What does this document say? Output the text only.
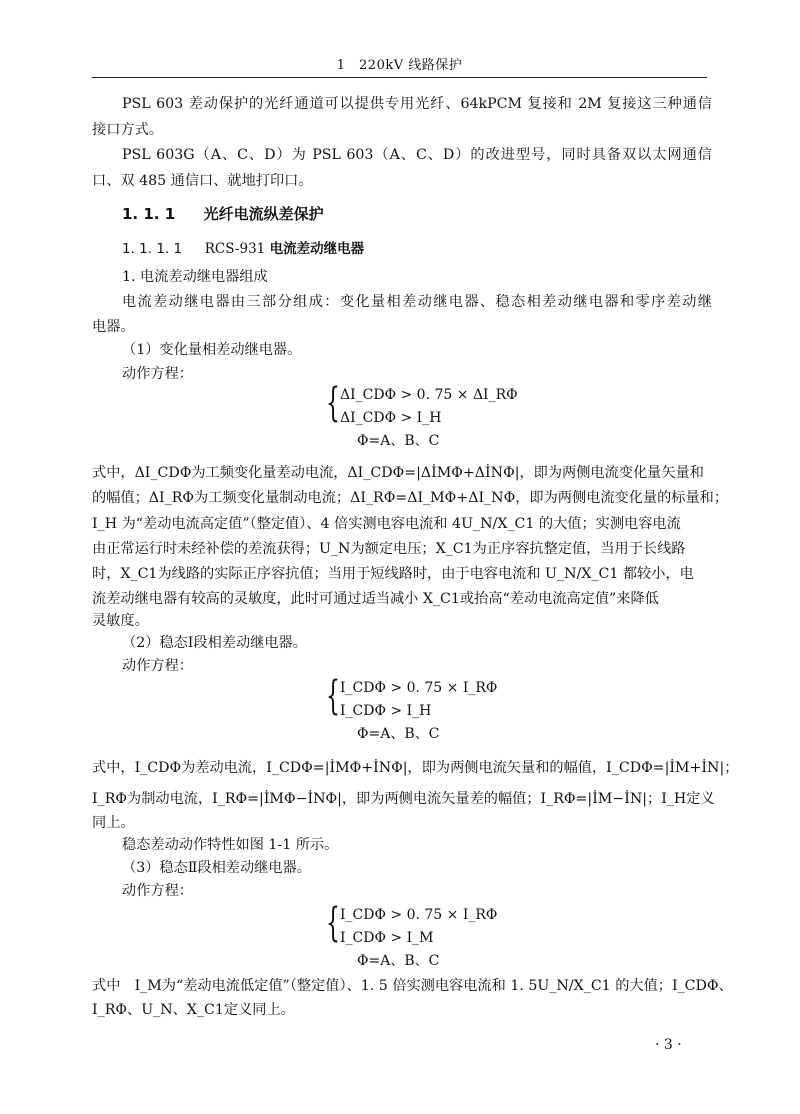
1　220kV 线路保护
PSL 603 差动保护的光纤通道可以提供专用光纤、64kPCM 复接和 2M 复接这三种通信
接口方式。
PSL 603G（A、C、D）为 PSL 603（A、C、D）的改进型号，同时具备双以太网通信
口、双 485 通信口、就地打印口。
1. 1. 1 光纤电流纵差保护
1. 1. 1. 1 RCS-931 电流差动继电器
1. 电流差动继电器组成
电流差动继电器由三部分组成：变化量相差动继电器、稳态相差动继电器和零序差动继
电器。
（1）变化量相差动继电器。
动作方程：
{ ΔI_CDΦ > 0. 75 × ΔI_RΦ
ΔI_CDΦ > I_H
Φ=A、B、C
式中，ΔI_CDΦ为工频变化量差动电流，ΔI_CDΦ=|ΔİMΦ+ΔİNΦ|，即为两侧电流变化量矢量和
的幅值；ΔI_RΦ为工频变化量制动电流；ΔI_RΦ=ΔI_MΦ+ΔI_NΦ，即为两侧电流变化量的标量和；
I_H 为“差动电流高定值”（整定值）、4 倍实测电容电流和 4U_N/X_C1 的大值；实测电容电流
由正常运行时未经补偿的差流获得；U_N为额定电压；X_C1为正序容抗整定值，当用于长线路
时，X_C1为线路的实际正序容抗值；当用于短线路时，由于电容电流和 U_N/X_C1 都较小，电
流差动继电器有较高的灵敏度，此时可通过适当减小 X_C1或抬高“差动电流高定值”来降低
灵敏度。
（2）稳态Ⅰ段相差动继电器。
动作方程：
{ I_CDΦ > 0. 75 × I_RΦ
I_CDΦ > I_H
Φ=A、B、C
式中，I_CDΦ为差动电流，I_CDΦ=|İMΦ+İNΦ|，即为两侧电流矢量和的幅值，I_CDΦ=|İM+İN|；
I_RΦ为制动电流，I_RΦ=|İMΦ−İNΦ|，即为两侧电流矢量差的幅值；I_RΦ=|İM−İN|；I_H定义
同上。
稳态差动动作特性如图 1-1 所示。
（3）稳态Ⅱ段相差动继电器。
动作方程：
{ I_CDΦ > 0. 75 × I_RΦ
I_CDΦ > I_M
Φ=A、B、C
式中　I_M为“差动电流低定值”（整定值）、1. 5 倍实测电容电流和 1. 5U_N/X_C1 的大值；I_CDΦ、
I_RΦ、U_N、X_C1定义同上。
· 3 ·
